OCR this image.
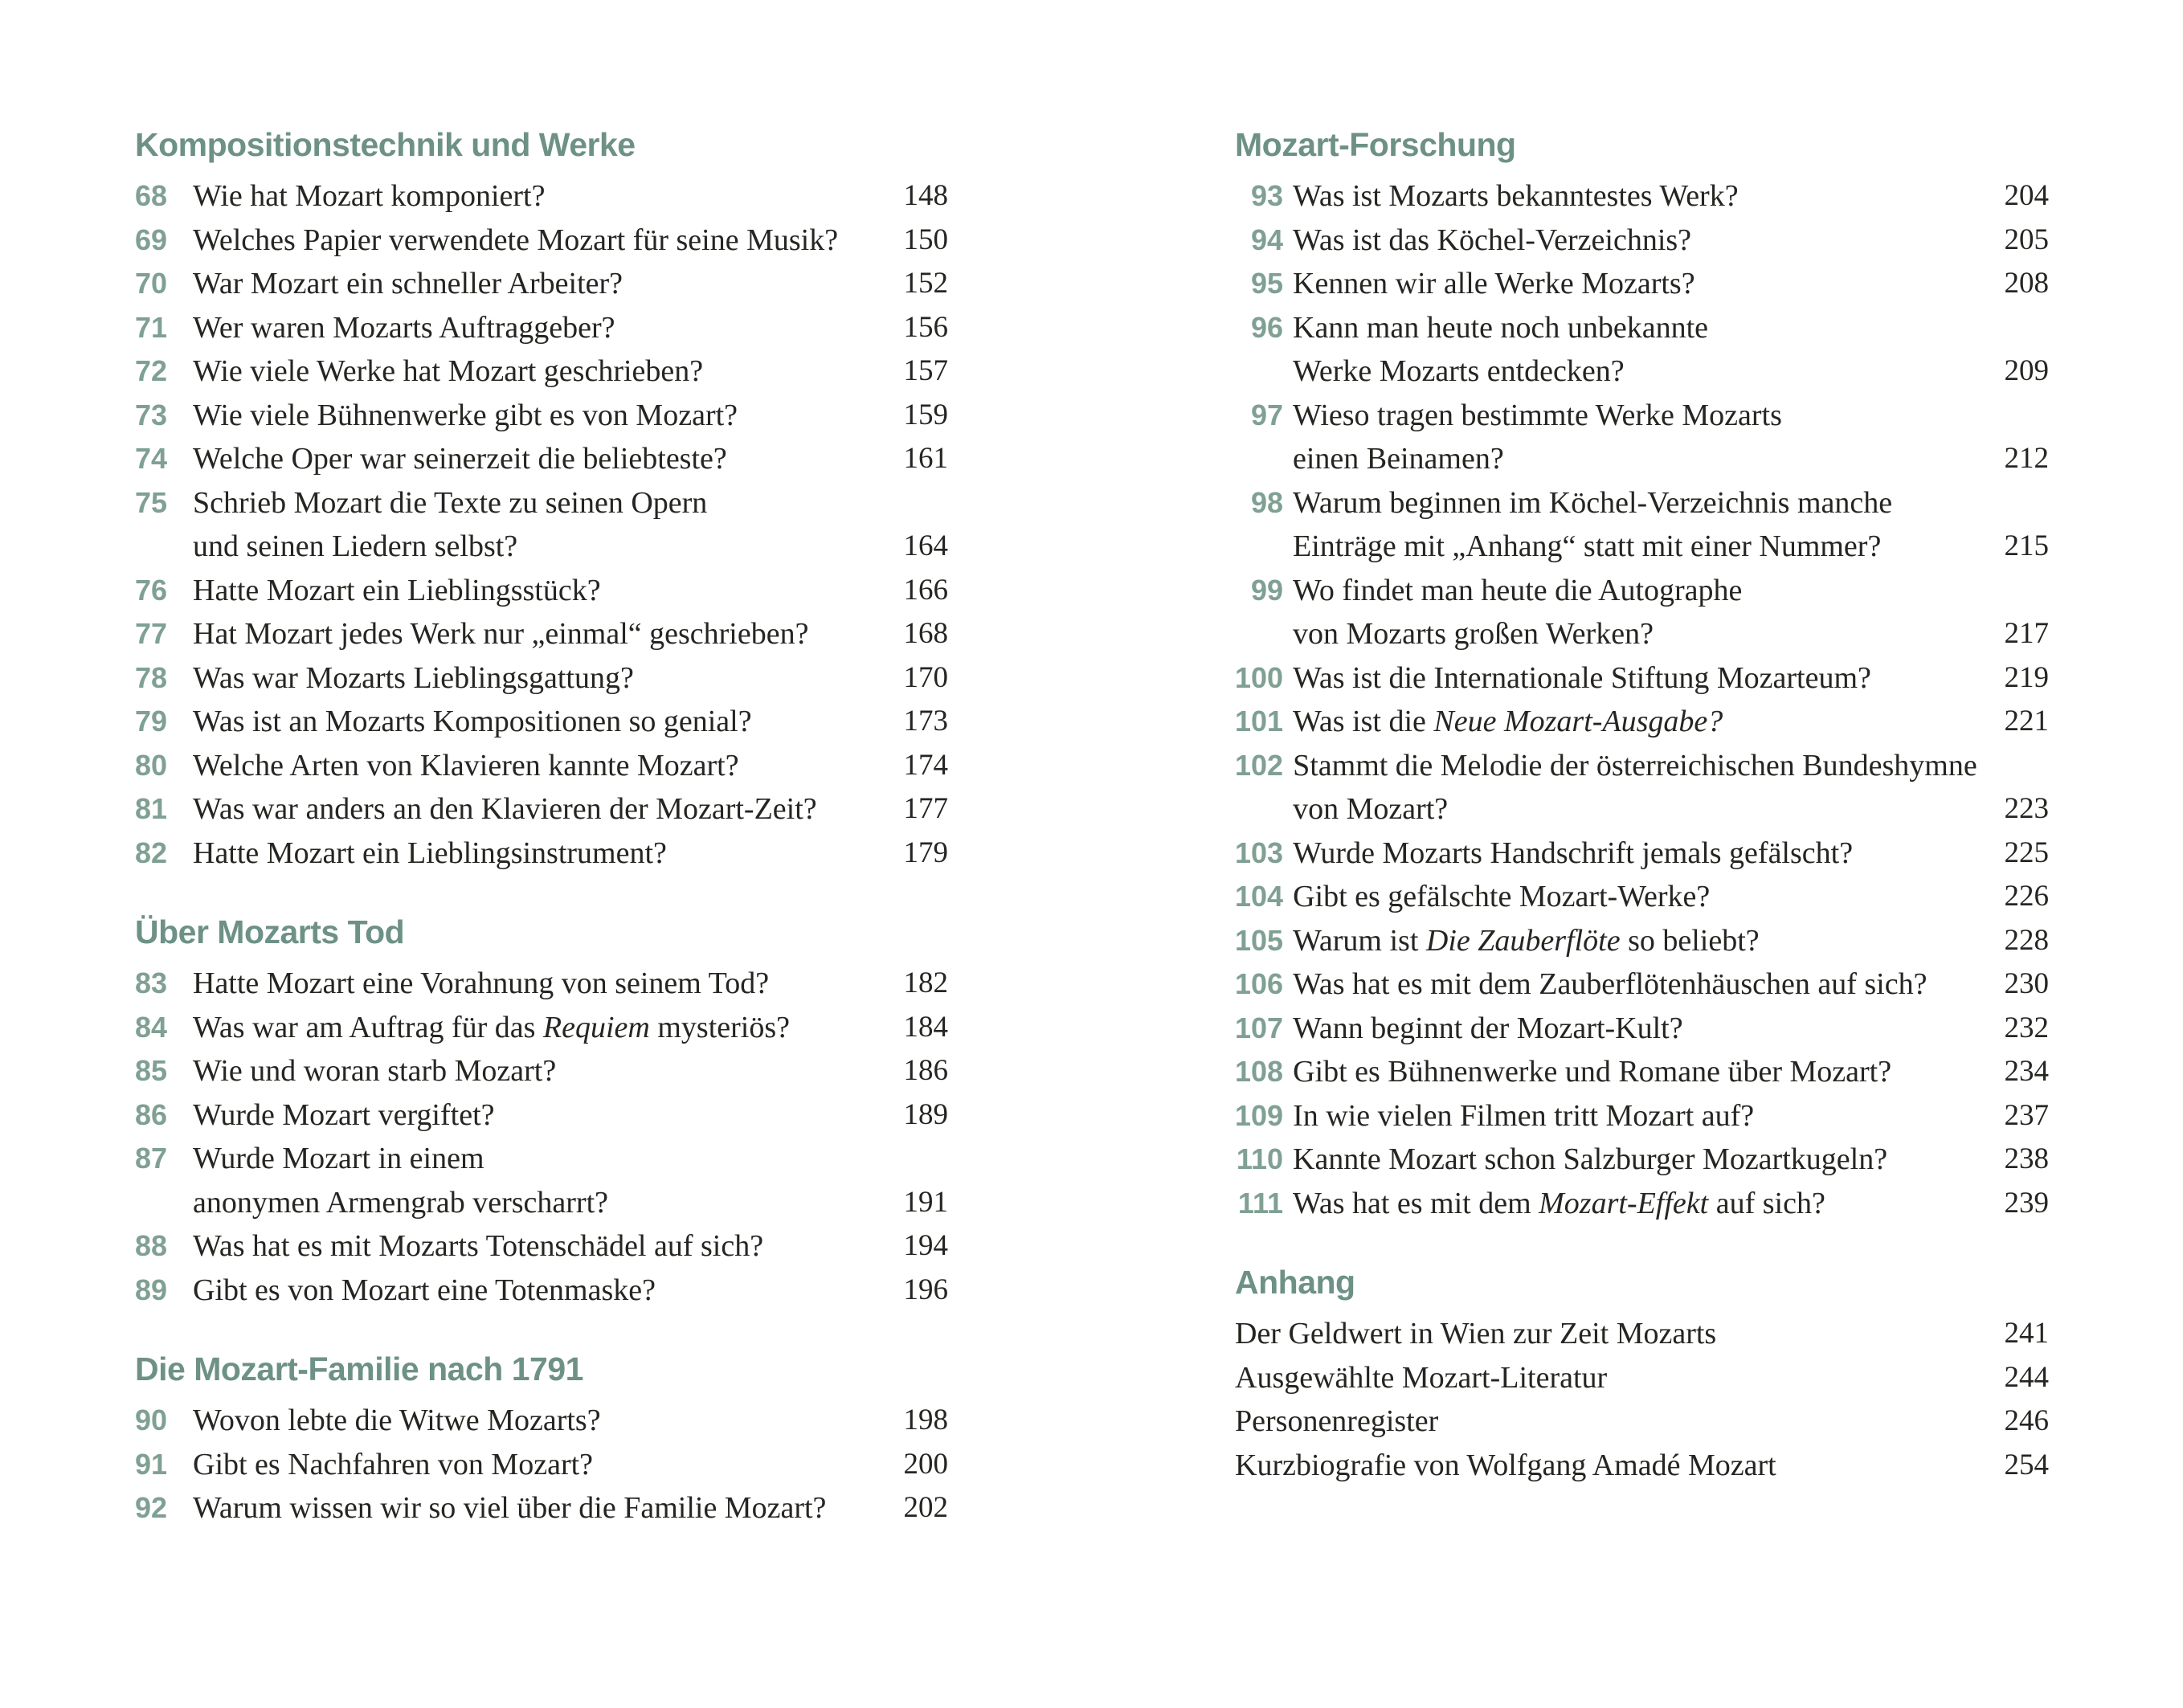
Kompositionstechnik und Werke
68 Wie hat Mozart komponiert?	148
69 Welches Papier verwendete Mozart für seine Musik?	150
70 War Mozart ein schneller Arbeiter?	152
71 Wer waren Mozarts Auftraggeber?	156
72 Wie viele Werke hat Mozart geschrieben?	157
73 Wie viele Bühnenwerke gibt es von Mozart?	159
74 Welche Oper war seinerzeit die beliebteste?	161
75 Schrieb Mozart die Texte zu seinen Opern
und seinen Liedern selbst?	164
76 Hatte Mozart ein Lieblingsstück?	166
77 Hat Mozart jedes Werk nur „einmal“ geschrieben?	168
78 Was war Mozarts Lieblingsgattung?	170
79 Was ist an Mozarts Kompositionen so genial?	173
80 Welche Arten von Klavieren kannte Mozart?	174
81 Was war anders an den Klavieren der Mozart-Zeit?	177
82 Hatte Mozart ein Lieblingsinstrument?	179
Über Mozarts Tod
83 Hatte Mozart eine Vorahnung von seinem Tod?	182
84 Was war am Auftrag für das Requiem mysteriös?	184
85 Wie und woran starb Mozart?	186
86 Wurde Mozart vergiftet?	189
87 Wurde Mozart in einem
anonymen Armengrab verscharrt?	191
88 Was hat es mit Mozarts Totenschädel auf sich?	194
89 Gibt es von Mozart eine Totenmaske?	196
Die Mozart-Familie nach 1791
90 Wovon lebte die Witwe Mozarts?	198
91 Gibt es Nachfahren von Mozart?	200
92 Warum wissen wir so viel über die Familie Mozart?	202
Mozart-Forschung
93 Was ist Mozarts bekanntestes Werk?	204
94 Was ist das Köchel-Verzeichnis?	205
95 Kennen wir alle Werke Mozarts?	208
96 Kann man heute noch unbekannte
Werke Mozarts entdecken?	209
97 Wieso tragen bestimmte Werke Mozarts
einen Beinamen?	212
98 Warum beginnen im Köchel-Verzeichnis manche
Einträge mit „Anhang“ statt mit einer Nummer?	215
99 Wo findet man heute die Autographe
von Mozarts großen Werken?	217
100 Was ist die Internationale Stiftung Mozarteum?	219
101 Was ist die Neue Mozart-Ausgabe?	221
102 Stammt die Melodie der österreichischen Bundeshymne
von Mozart?	223
103 Wurde Mozarts Handschrift jemals gefälscht?	225
104 Gibt es gefälschte Mozart-Werke?	226
105 Warum ist Die Zauberflöte so beliebt?	228
106 Was hat es mit dem Zauberflötenhäuschen auf sich?	230
107 Wann beginnt der Mozart-Kult?	232
108 Gibt es Bühnenwerke und Romane über Mozart?	234
109 In wie vielen Filmen tritt Mozart auf?	237
110 Kannte Mozart schon Salzburger Mozartkugeln?	238
111 Was hat es mit dem Mozart-Effekt auf sich?	239
Anhang
Der Geldwert in Wien zur Zeit Mozarts	241
Ausgewählte Mozart-Literatur	244
Personenregister	246
Kurzbiografie von Wolfgang Amadé Mozart	254
